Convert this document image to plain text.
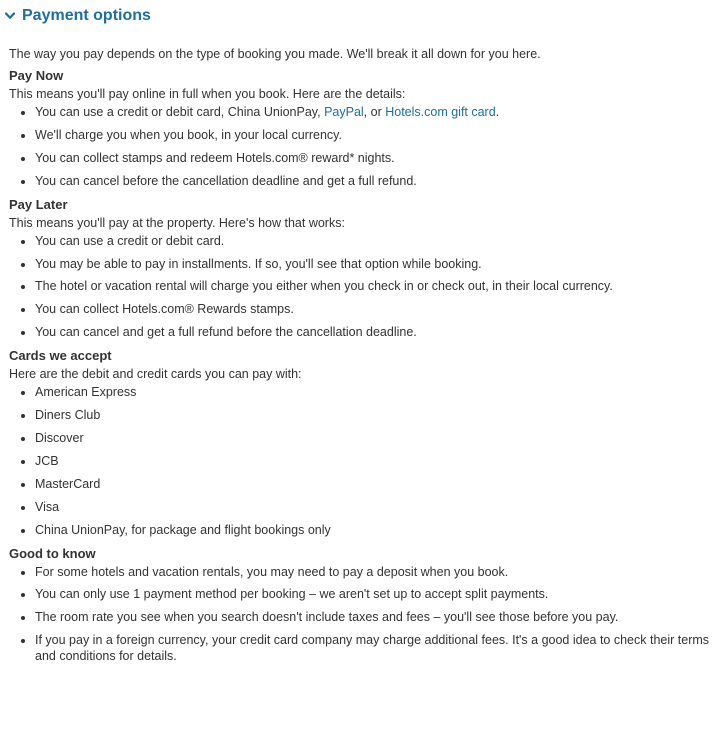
Payment options

The way you pay depends on the type of booking you made. We'll break it all down for you here.

Pay Now

This means you'll pay online in full when you book. Here are the details:

You can use a credit or debit card, China UnionPay, PayPal, or Hotels.com gift card.
We'll charge you when you book, in your local currency.
You can collect stamps and redeem Hotels.com® reward* nights.
You can cancel before the cancellation deadline and get a full refund.
Pay Later

This means you'll pay at the property. Here's how that works:

You can use a credit or debit card.
You may be able to pay in installments. If so, you'll see that option while booking.
The hotel or vacation rental will charge you either when you check in or check out, in their local currency.
You can collect Hotels.com® Rewards stamps.
You can cancel and get a full refund before the cancellation deadline.
Cards we accept

Here are the debit and credit cards you can pay with:

American Express
Diners Club
Discover
JCB
MasterCard
Visa
China UnionPay, for package and flight bookings only
Good to know
For some hotels and vacation rentals, you may need to pay a deposit when you book.
You can only use 1 payment method per booking – we aren't set up to accept split payments.
The room rate you see when you search doesn't include taxes and fees – you'll see those before you pay.
If you pay in a foreign currency, your credit card company may charge additional fees. It's a good idea to check their terms and conditions for details.
